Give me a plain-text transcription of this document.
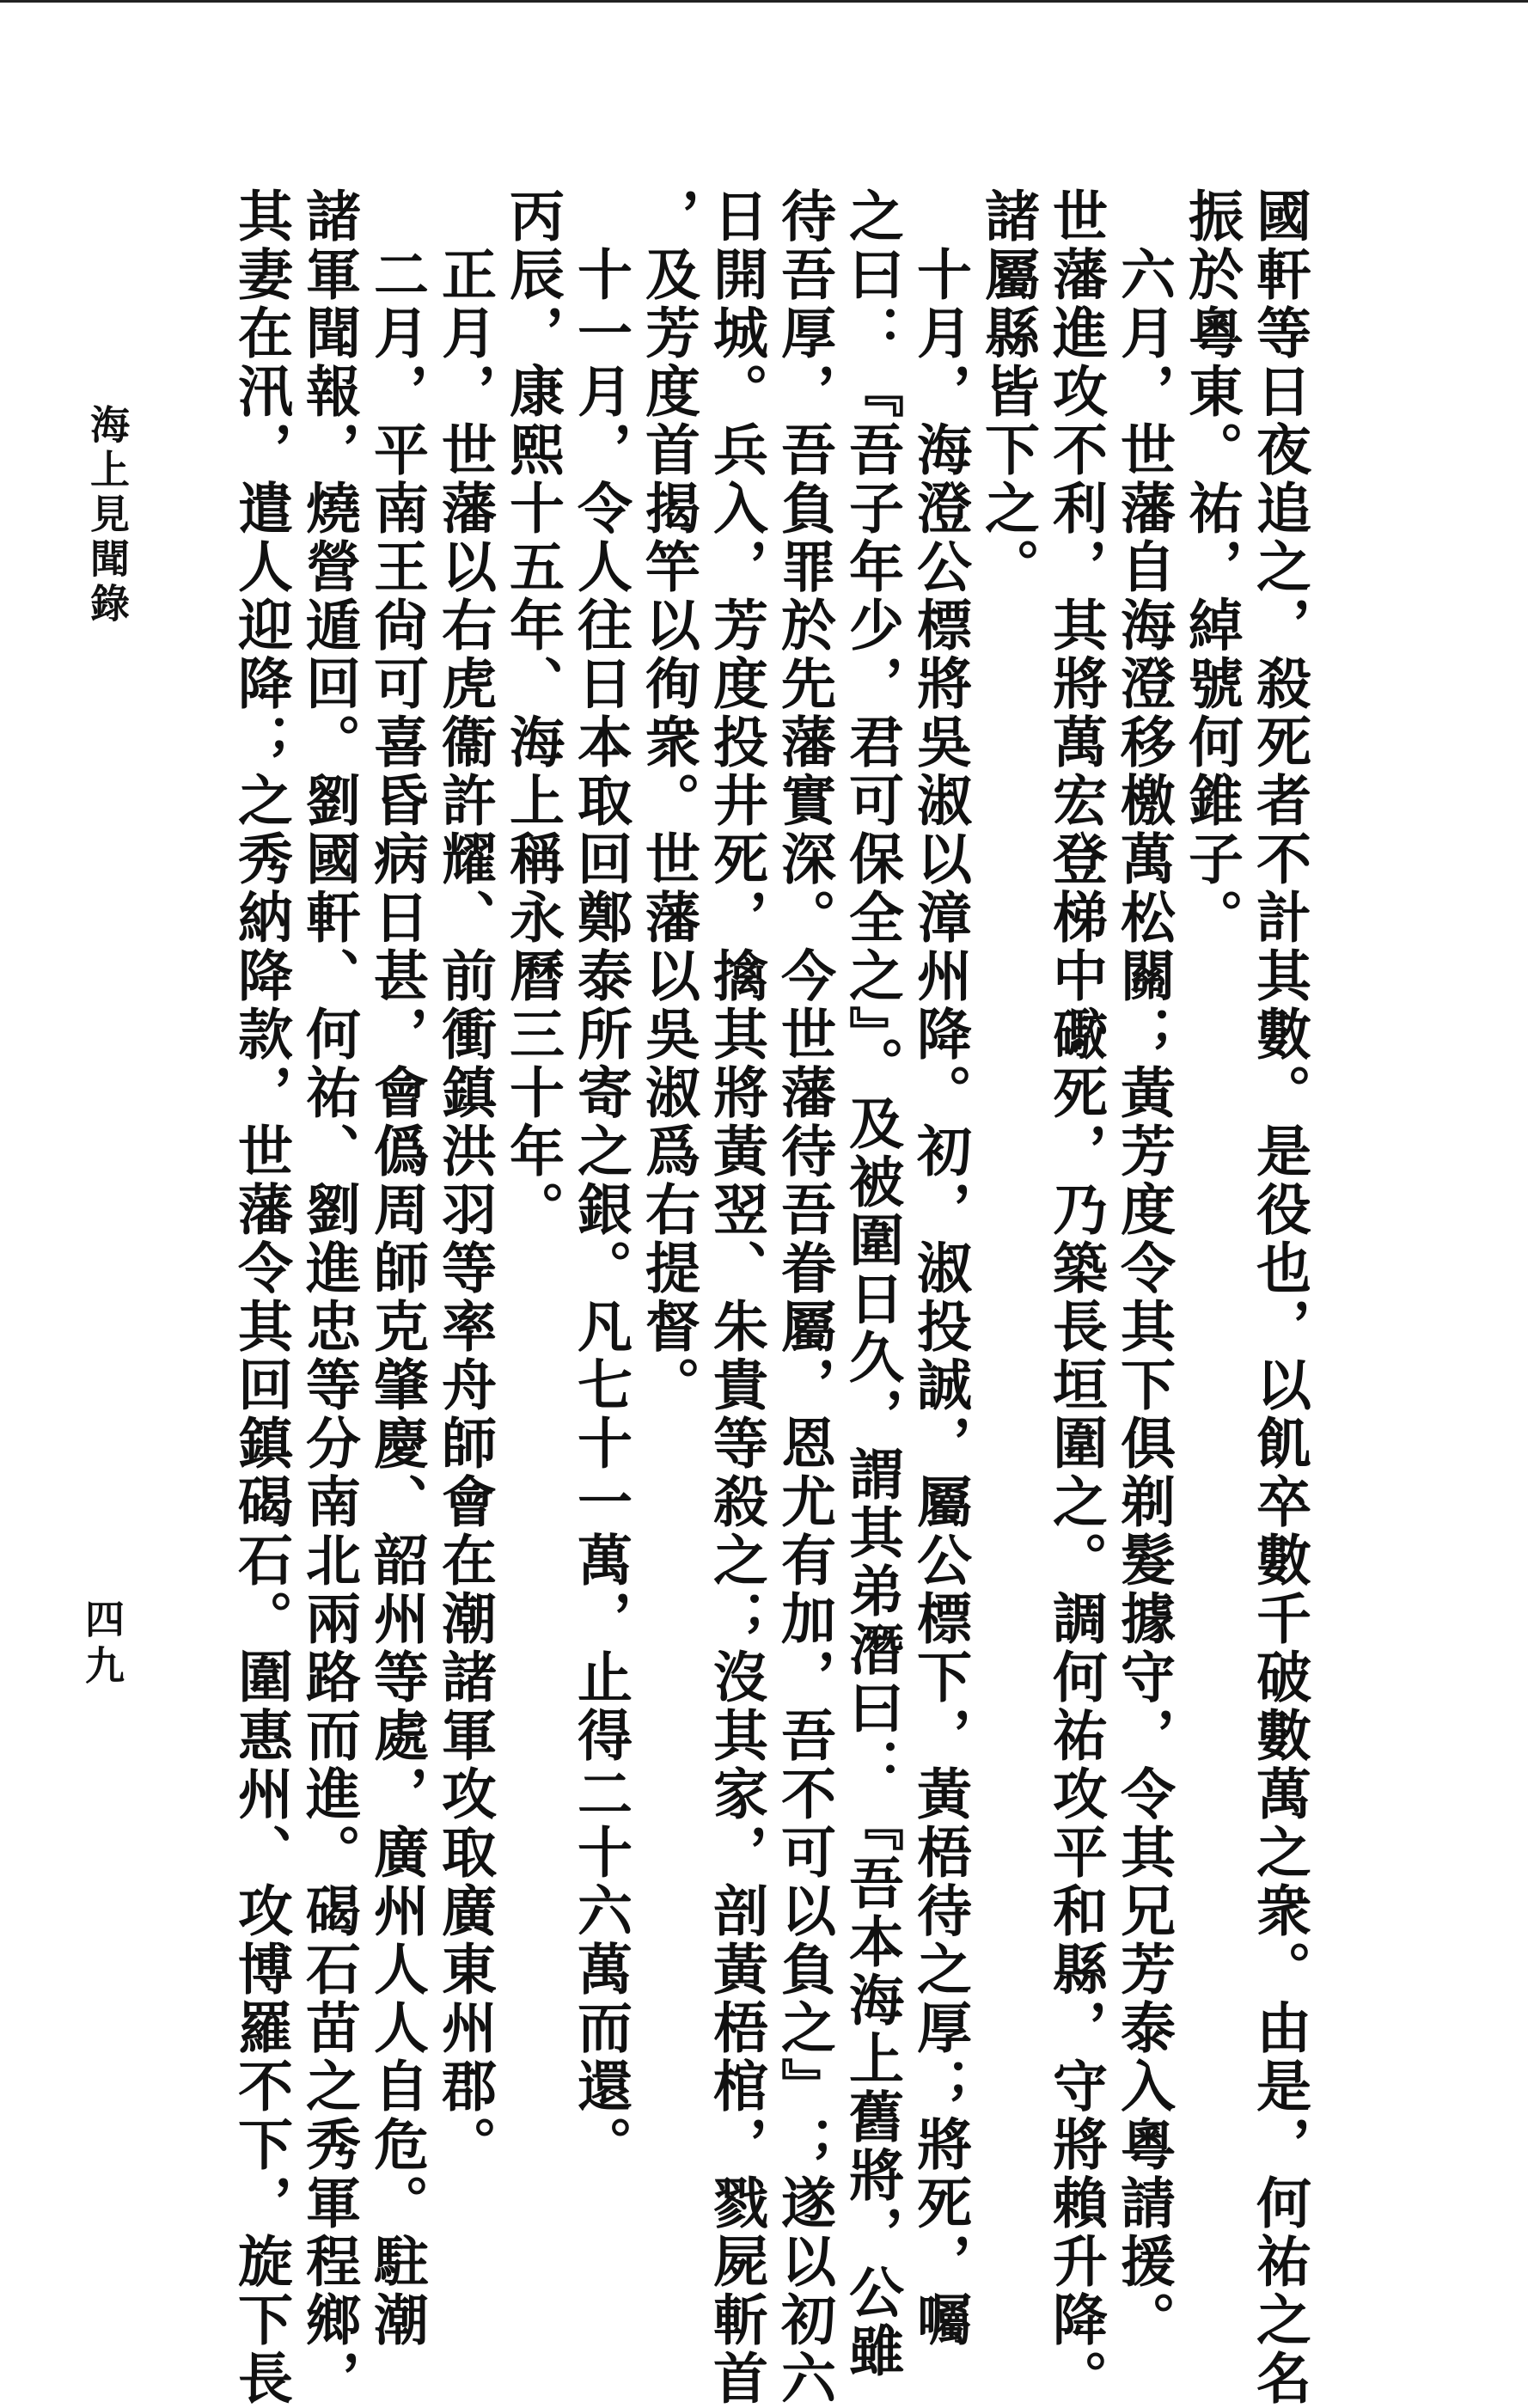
國軒等日夜追之，殺死者不計其數。是役也，以飢卒數千破數萬之衆。由是，何祐之名

振於粵東。祐，綽號何錐子。

　六月，世藩自海澄移檄萬松關；黃芳度令其下俱剃髮據守，令其兄芳泰入粵請援。

世藩進攻不利，其將萬宏登梯中礮死，乃築長垣圍之。調何祐攻平和縣，守將賴升降。

諸屬縣皆下之。

　十月，海澄公標將吳淑以漳州降。初，淑投誠，屬公標下，黃梧待之厚；將死，囑

之曰：『吾子年少，君可保全之』。及被圍日久，謂其弟潛曰：『吾本海上舊將，公雖

待吾厚，吾負罪於先藩實深。今世藩待吾眷屬，恩尤有加，吾不可以負之』；遂以初六

日開城。兵入，芳度投井死，擒其將黃翌、朱貴等殺之；沒其家，剖黃梧棺，戮屍斬首

，及芳度首揭竿以徇衆。世藩以吳淑爲右提督。

　十一月，令人往日本取回鄭泰所寄之銀。凡七十一萬，止得二十六萬而還。

丙辰，康熙十五年、海上稱永曆三十年。

　正月，世藩以右虎衞許耀、前衝鎮洪羽等率舟師會在潮諸軍攻取廣東州郡。

　二月，平南王尙可喜昏病日甚，會僞周師克肇慶、韶州等處，廣州人人自危。駐潮

諸軍聞報，燒營遁回。劉國軒、何祐、劉進忠等分南北兩路而進。碣石苗之秀軍程鄉，

其妻在汛，遣人迎降；之秀納降款，世藩令其回鎮碣石。圍惠州、攻博羅不下，旋下長

海上見聞錄
四九
